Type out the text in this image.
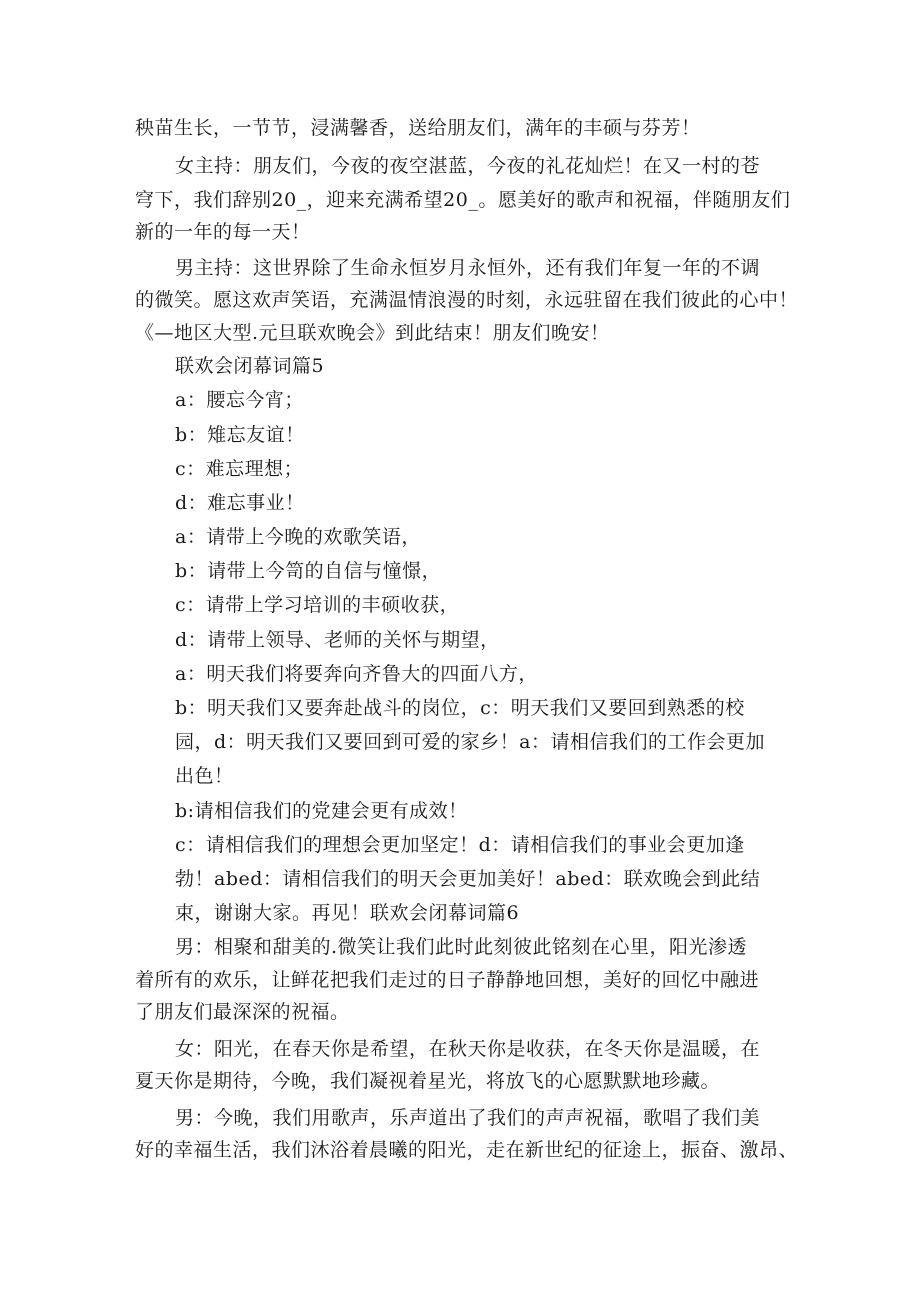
秧苗生长，一节节，浸满馨香，送给朋友们，满年的丰硕与芬芳！
女主持：朋友们，今夜的夜空湛蓝，今夜的礼花灿烂！在又一村的苍
穹下，我们辞别20_，迎来充满希望20_。愿美好的歌声和祝福，伴随朋友们
新的一年的每一天！
男主持：这世界除了生命永恒岁月永恒外，还有我们年复一年的不调
的微笑。愿这欢声笑语，充满温情浪漫的时刻，永远驻留在我们彼此的心中！
《—地区大型.元旦联欢晚会》到此结束！朋友们晚安！
联欢会闭幕词篇5
a：腰忘今宵；
b：雉忘友谊！
c：难忘理想；
d：难忘事业！
a：请带上今晚的欢歌笑语，
b：请带上今笥的自信与憧憬，
c：请带上学习培训的丰硕收获，
d：请带上领导、老师的关怀与期望，
a：明天我们将要奔向齐鲁大的四面八方，
b：明天我们又要奔赴战斗的岗位，c：明天我们又要回到熟悉的校
园，d：明天我们又要回到可爱的家乡！a：请相信我们的工作会更加
出色！
b:请相信我们的党建会更有成效！
c：请相信我们的理想会更加坚定！d：请相信我们的事业会更加逢
勃！abed：请相信我们的明天会更加美好！abed：联欢晚会到此结
束，谢谢大家。再见！联欢会闭幕词篇6
男：相聚和甜美的.微笑让我们此时此刻彼此铭刻在心里，阳光渗透
着所有的欢乐，让鲜花把我们走过的日子静静地回想，美好的回忆中融进
了朋友们最深深的祝福。
女：阳光，在春天你是希望，在秋天你是收获，在冬天你是温暖，在
夏天你是期待，今晚，我们凝视着星光，将放飞的心愿默默地珍藏。
男：今晚，我们用歌声，乐声道出了我们的声声祝福，歌唱了我们美
好的幸福生活，我们沐浴着晨曦的阳光，走在新世纪的征途上，振奋、激昂、
